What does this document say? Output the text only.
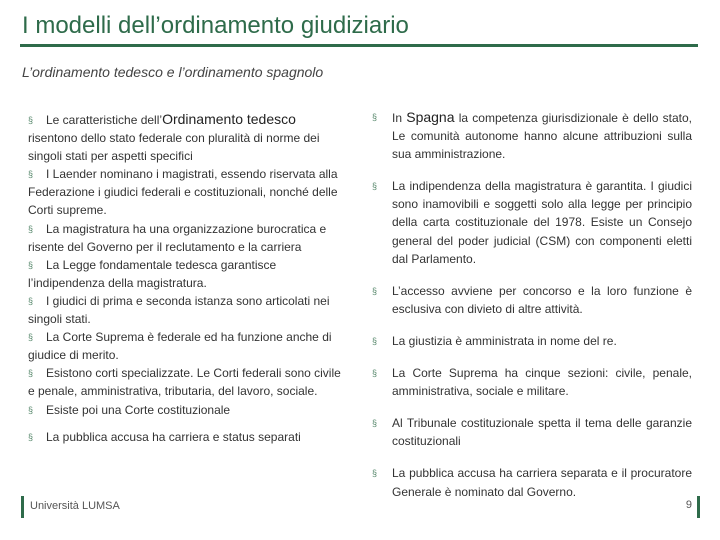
I modelli dell’ordinamento giudiziario
L’ordinamento tedesco e l’ordinamento spagnolo
§ Le caratteristiche dell’Ordinamento tedesco
risentono dello stato federale con pluralità di norme dei singoli stati per aspetti specifici
§ I Laender nominano i magistrati, essendo riservata alla Federazione i giudici federali e costituzionali, nonché delle Corti supreme.
§ La magistratura ha una organizzazione burocratica e risente del Governo per il reclutamento e la carriera
§ La Legge fondamentale tedesca garantisce l’indipendenza della magistratura.
§ I giudici di prima e seconda istanza sono articolati nei singoli stati.
§ La Corte Suprema è federale ed ha funzione anche di giudice di merito.
§ Esistono corti specializzate. Le Corti federali sono civile e penale, amministrativa, tributaria, del lavoro, sociale.
§ Esiste poi una Corte costituzionale
§ La pubblica accusa ha carriera e status separati
§	In Spagna la competenza giurisdizionale è dello stato, Le comunità autonome hanno alcune attribuzioni sulla sua amministrazione.
§	La indipendenza della magistratura è garantita. I giudici sono inamovibili e soggetti solo alla legge per principio della carta costituzionale del 1978. Esiste un Consejo general del poder judicial (CSM) con componenti eletti dal Parlamento.
§	L’accesso avviene per concorso e la loro funzione è esclusiva con divieto di altre attività.
§	La giustizia è amministrata in nome del re.
§	La Corte Suprema ha cinque sezioni: civile, penale, amministrativa, sociale e militare.
§	Al Tribunale costituzionale spetta il tema delle garanzie costituzionali
§	La pubblica accusa ha carriera separata e il procuratore Generale è nominato dal Governo.
Università LUMSA	9
